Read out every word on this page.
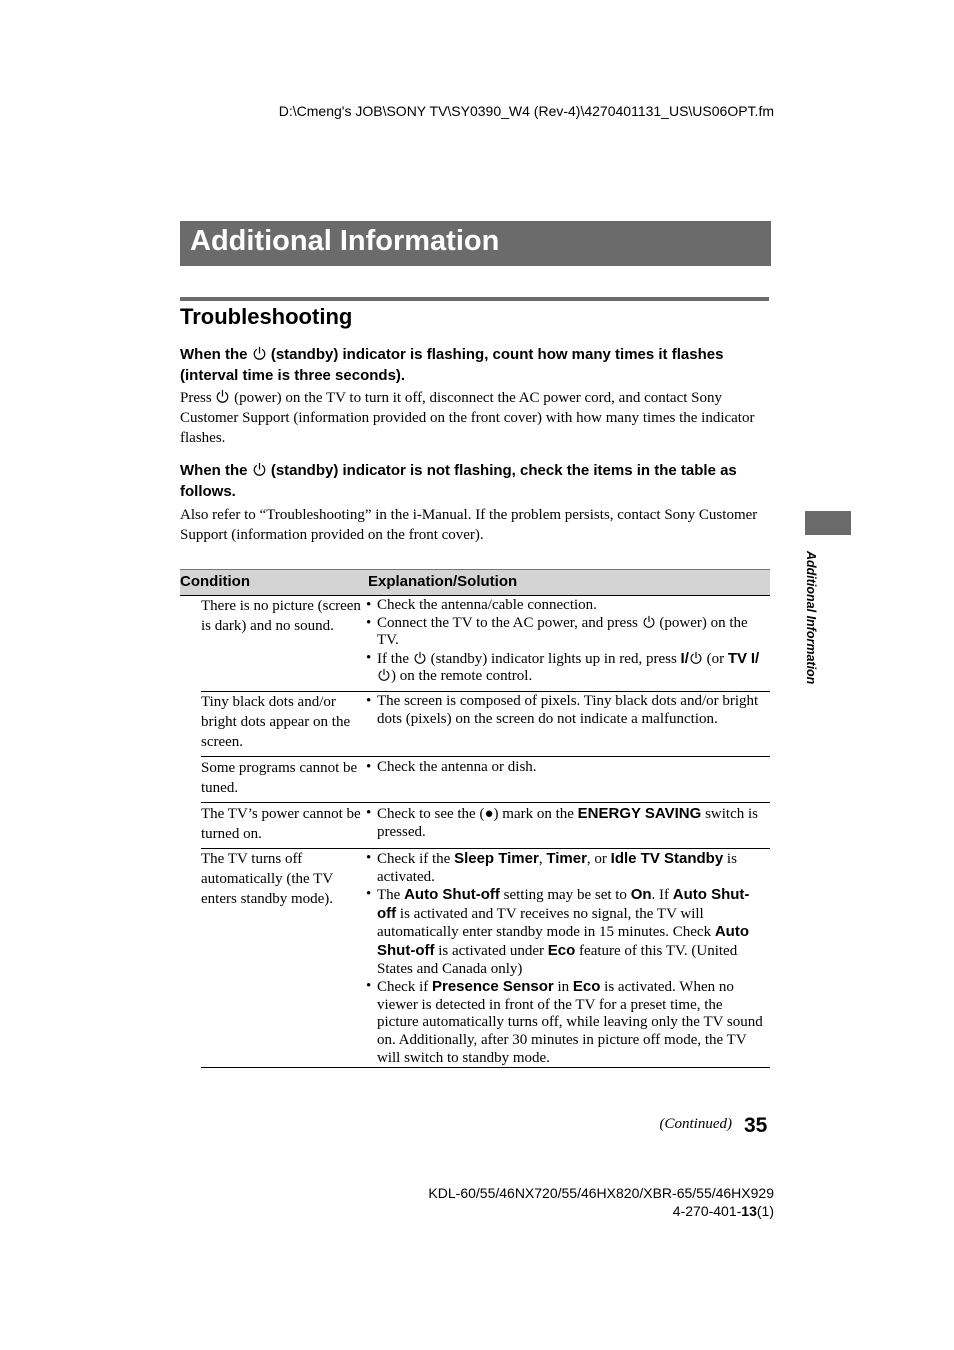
D:\Cmeng's JOB\SONY TV\SY0390_W4 (Rev-4)\4270401131_US\US06OPT.fm
Additional Information
Troubleshooting
When the (standby) indicator is flashing, count how many times it flashes (interval time is three seconds).
Press (power) on the TV to turn it off, disconnect the AC power cord, and contact Sony Customer Support (information provided on the front cover) with how many times the indicator flashes.
When the (standby) indicator is not flashing, check the items in the table as follows.
Also refer to “Troubleshooting” in the i-Manual. If the problem persists, contact Sony Customer Support (information provided on the front cover).
Additional Information
Condition	Explanation/Solution
There is no picture (screen is dark) and no sound.
• Check the antenna/cable connection.
• Connect the TV to the AC power, and press (power) on the TV.
• If the (standby) indicator lights up in red, press I/ (or TV I/) on the remote control.
Tiny black dots and/or bright dots appear on the screen.
• The screen is composed of pixels. Tiny black dots and/or bright dots (pixels) on the screen do not indicate a malfunction.
Some programs cannot be tuned.
• Check the antenna or dish.
The TV’s power cannot be turned on.
• Check to see the (●) mark on the ENERGY SAVING switch is pressed.
The TV turns off automatically (the TV enters standby mode).
• Check if the Sleep Timer, Timer, or Idle TV Standby is activated.
• The Auto Shut-off setting may be set to On. If Auto Shut-off is activated and TV receives no signal, the TV will automatically enter standby mode in 15 minutes. Check Auto Shut-off is activated under Eco feature of this TV. (United States and Canada only)
• Check if Presence Sensor in Eco is activated. When no viewer is detected in front of the TV for a preset time, the picture automatically turns off, while leaving only the TV sound on. Additionally, after 30 minutes in picture off mode, the TV will switch to standby mode.
(Continued) 35
KDL-60/55/46NX720/55/46HX820/XBR-65/55/46HX929
4-270-401-13(1)
